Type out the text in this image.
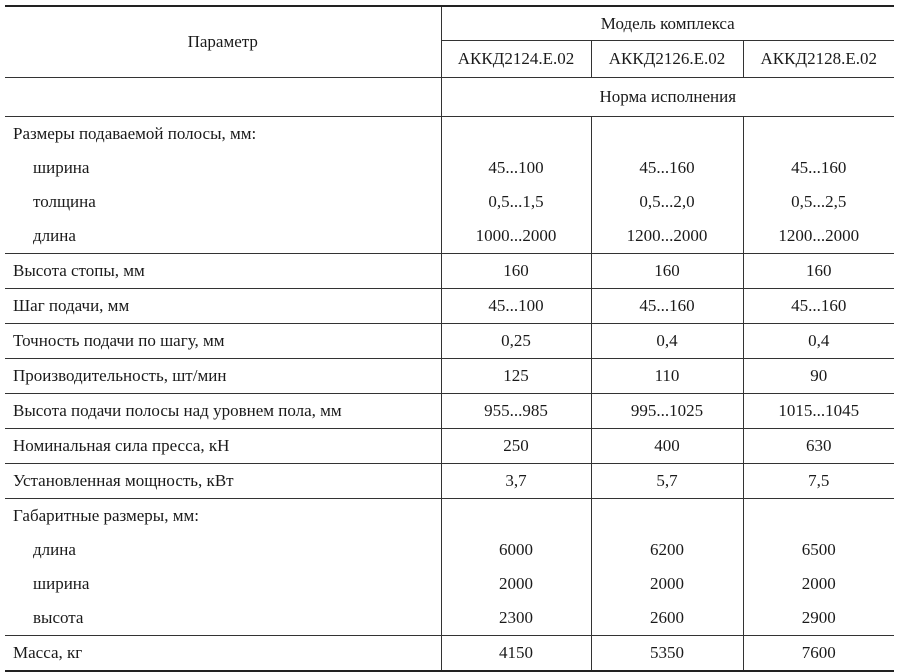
Параметр	Модель комплекса		
	АККД2124.Е.02	АККД2126.Е.02	АККД2128.Е.02
	Норма исполнения		
Размеры подаваемой полосы, мм:			
ширина	45...100	45...160	45...160
толщина	0,5...1,5	0,5...2,0	0,5...2,5
длина	1000...2000	1200...2000	1200...2000
Высота стопы, мм	160	160	160
Шаг подачи, мм	45...100	45...160	45...160
Точность подачи по шагу, мм	0,25	0,4	0,4
Производительность, шт/мин	125	110	90
Высота подачи полосы над уровнем пола, мм	955...985	995...1025	1015...1045
Номинальная сила пресса, кН	250	400	630
Установленная мощность, кВт	3,7	5,7	7,5
Габаритные размеры, мм:			
длина	6000	6200	6500
ширина	2000	2000	2000
высота	2300	2600	2900
Масса, кг	4150	5350	7600
